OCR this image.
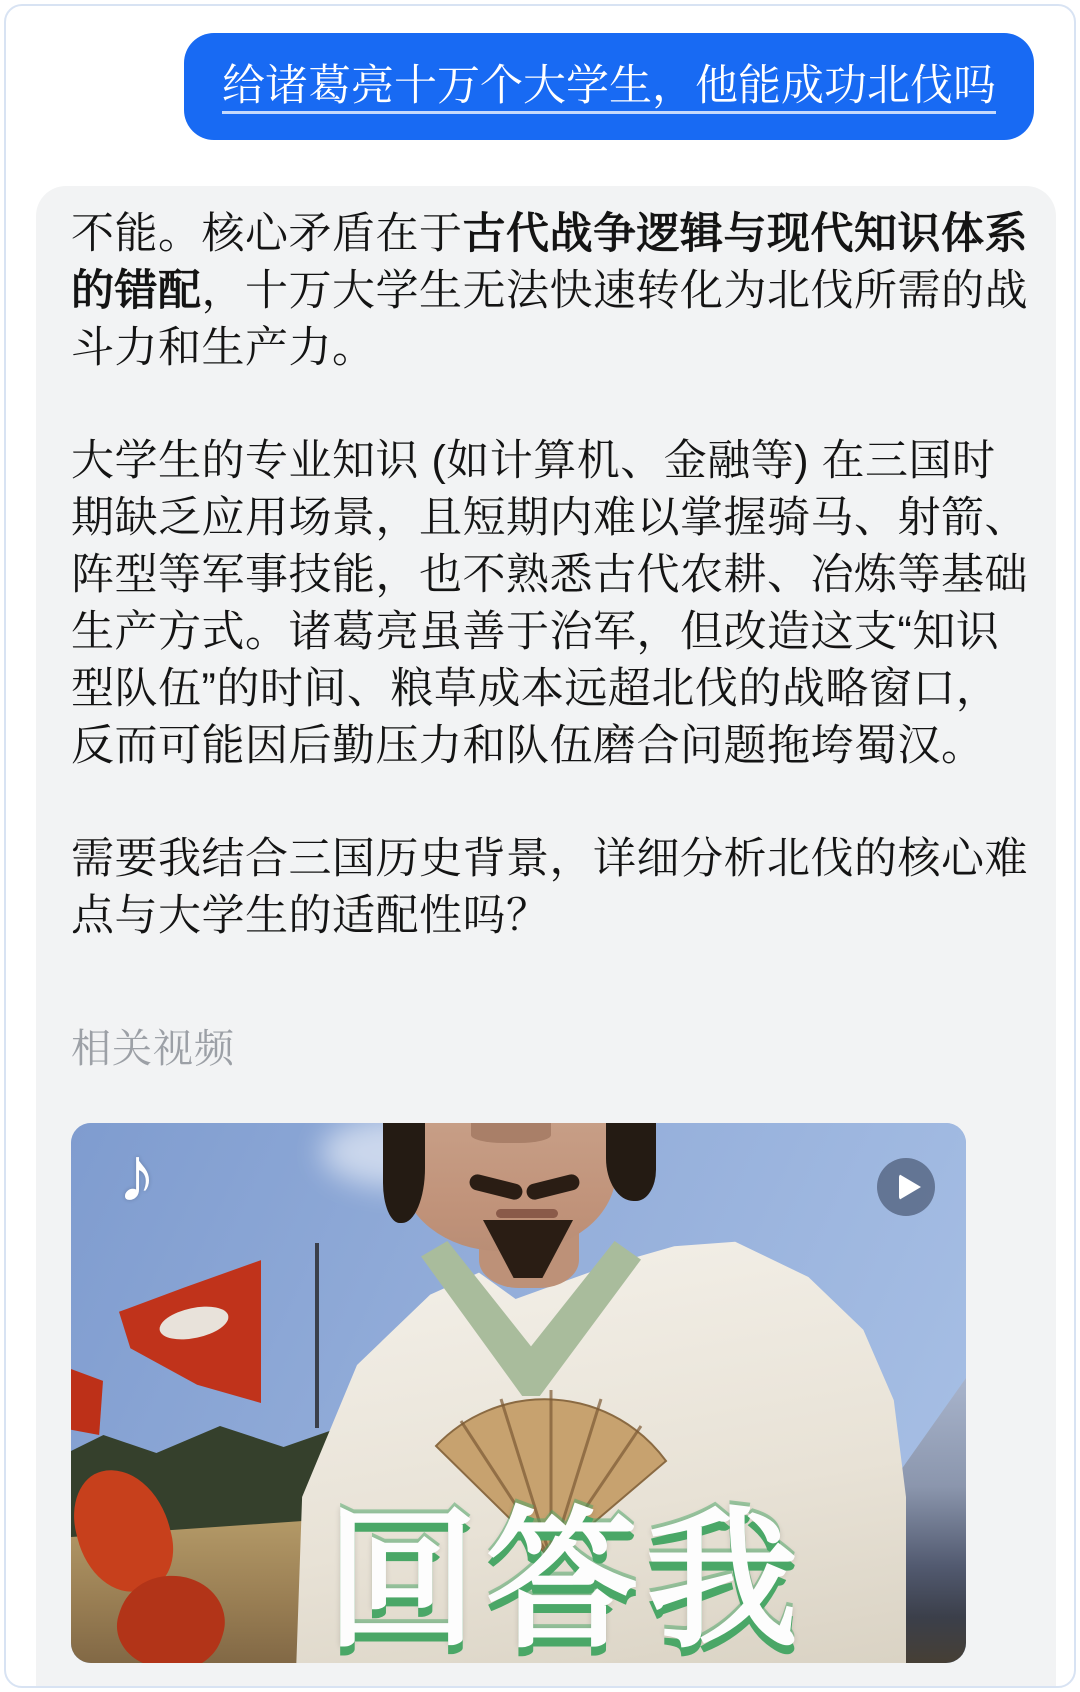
给诸葛亮十万个大学生，他能成功北伐吗

不能。核心矛盾在于古代战争逻辑与现代知识体系的错配，十万大学生无法快速转化为北伐所需的战斗力和生产力。

大学生的专业知识 (如计算机、金融等) 在三国时期缺乏应用场景，且短期内难以掌握骑马、射箭、阵型等军事技能，也不熟悉古代农耕、冶炼等基础生产方式。诸葛亮虽善于治军，但改造这支“知识型队伍”的时间、粮草成本远超北伐的战略窗口，反而可能因后勤压力和队伍磨合问题拖垮蜀汉。

需要我结合三国历史背景，详细分析北伐的核心难点与大学生的适配性吗？

相关视频
回答我
♪
